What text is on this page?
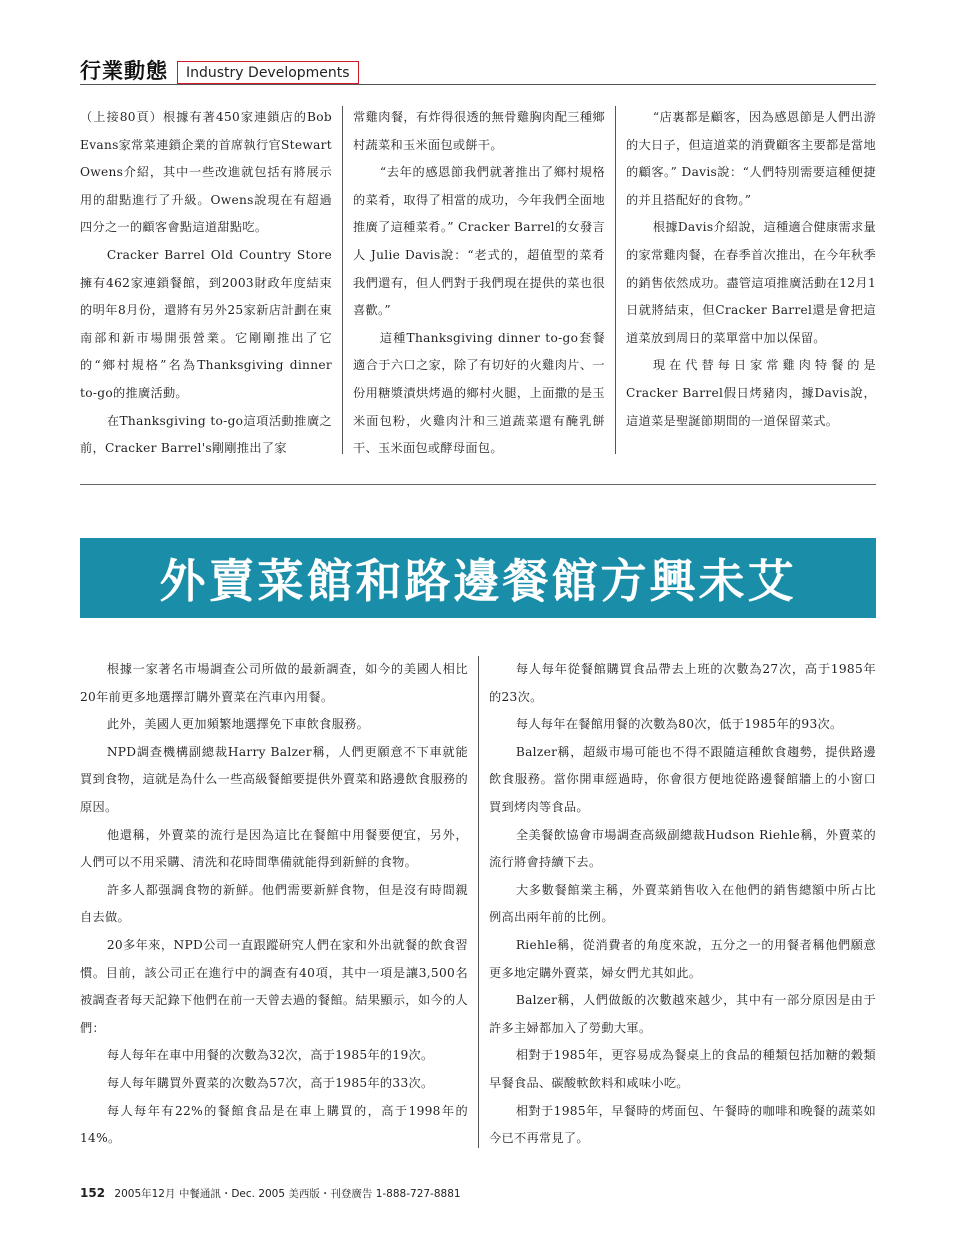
行業動態	Industry Developments

（上接80頁）根據有著450家連鎖店的Bob Evans家常菜連鎖企業的首席執行官Stewart Owens介紹，其中一些改進就包括有將展示用的甜點進行了升級。Owens說現在有超過四分之一的顧客會點這道甜點吃。

Cracker Barrel Old Country Store擁有462家連鎖餐館，到2003財政年度結束的明年8月份，還將有另外25家新店計劃在東南部和新市場開張營業。它剛剛推出了它的“鄉村規格”名為Thanksgiving dinner to-go的推廣活動。

在Thanksgiving to-go這項活動推廣之前，Cracker Barrel's剛剛推出了家

常雞肉餐，有炸得很透的無骨雞胸肉配三種鄉村蔬菜和玉米面包或餅干。

“去年的感恩節我們就著推出了鄉村規格的菜肴，取得了相當的成功，今年我們全面地推廣了這種菜肴。” Cracker Barrel的女發言人 Julie Davis說：“老式的，超值型的菜肴我們還有，但人們對于我們現在提供的菜也很喜歡。”

這種Thanksgiving dinner to-go套餐適合于六口之家，除了有切好的火雞肉片、一份用糖漿漬烘烤過的鄉村火腿，上面撒的是玉米面包粉，火雞肉汁和三道蔬菜還有醃乳餅干、玉米面包或酵母面包。

“店裏都是顧客，因為感恩節是人們出游的大日子，但這道菜的消費顧客主要都是當地的顧客。” Davis說：“人們特別需要這種便捷的并且搭配好的食物。”

根據Davis介紹說，這種適合健康需求量的家常雞肉餐，在春季首次推出，在今年秋季的銷售依然成功。盡管這項推廣活動在12月1日就將結束，但Cracker Barrel還是會把這道菜放到周日的菜單當中加以保留。

現在代替每日家常雞肉特餐的是Cracker Barrel假日烤豬肉，據Davis說，這道菜是聖誕節期間的一道保留菜式。

外賣菜館和路邊餐館方興未艾

根據一家著名市場調查公司所做的最新調查，如今的美國人相比20年前更多地選擇訂購外賣菜在汽車內用餐。

此外，美國人更加頻繁地選擇免下車飲食服務。

NPD調查機構副總裁Harry Balzer稱，人們更願意不下車就能買到食物，這就是為什么一些高級餐館要提供外賣菜和路邊飲食服務的原因。

他還稱，外賣菜的流行是因為這比在餐館中用餐要便宜，另外，人們可以不用采購、清洗和花時間準備就能得到新鮮的食物。

許多人都强調食物的新鮮。他們需要新鮮食物，但是沒有時間親自去做。

20多年來，NPD公司一直跟蹤研究人們在家和外出就餐的飲食習慣。目前，該公司正在進行中的調查有40項，其中一項是讓3,500名被調查者每天記錄下他們在前一天曾去過的餐館。結果顯示，如今的人們：

每人每年在車中用餐的次數為32次，高于1985年的19次。

每人每年購買外賣菜的次數為57次，高于1985年的33次。

每人每年有22%的餐館食品是在車上購買的，高于1998年的14%。

每人每年從餐館購買食品帶去上班的次數為27次，高于1985年的23次。

每人每年在餐館用餐的次數為80次，低于1985年的93次。

Balzer稱，超級市場可能也不得不跟隨這種飲食趨勢，提供路邊飲食服務。當你開車經過時，你會很方便地從路邊餐館牆上的小窗口買到烤肉等食品。

全美餐飲協會市場調查高級副總裁Hudson Riehle稱，外賣菜的流行將會持續下去。

大多數餐館業主稱，外賣菜銷售收入在他們的銷售總額中所占比例高出兩年前的比例。

Riehle稱，從消費者的角度來說，五分之一的用餐者稱他們願意更多地定購外賣菜，婦女們尤其如此。

Balzer稱，人們做飯的次數越來越少，其中有一部分原因是由于許多主婦都加入了勞動大軍。

相對于1985年，更容易成為餐桌上的食品的種類包括加糖的穀類早餐食品、碳酸軟飲料和咸味小吃。

相對于1985年，早餐時的烤面包、午餐時的咖啡和晚餐的蔬菜如今已不再常見了。

152 2005年12月 中餐通訊・Dec. 2005 美西版・刊登廣告 1-888-727-8881
